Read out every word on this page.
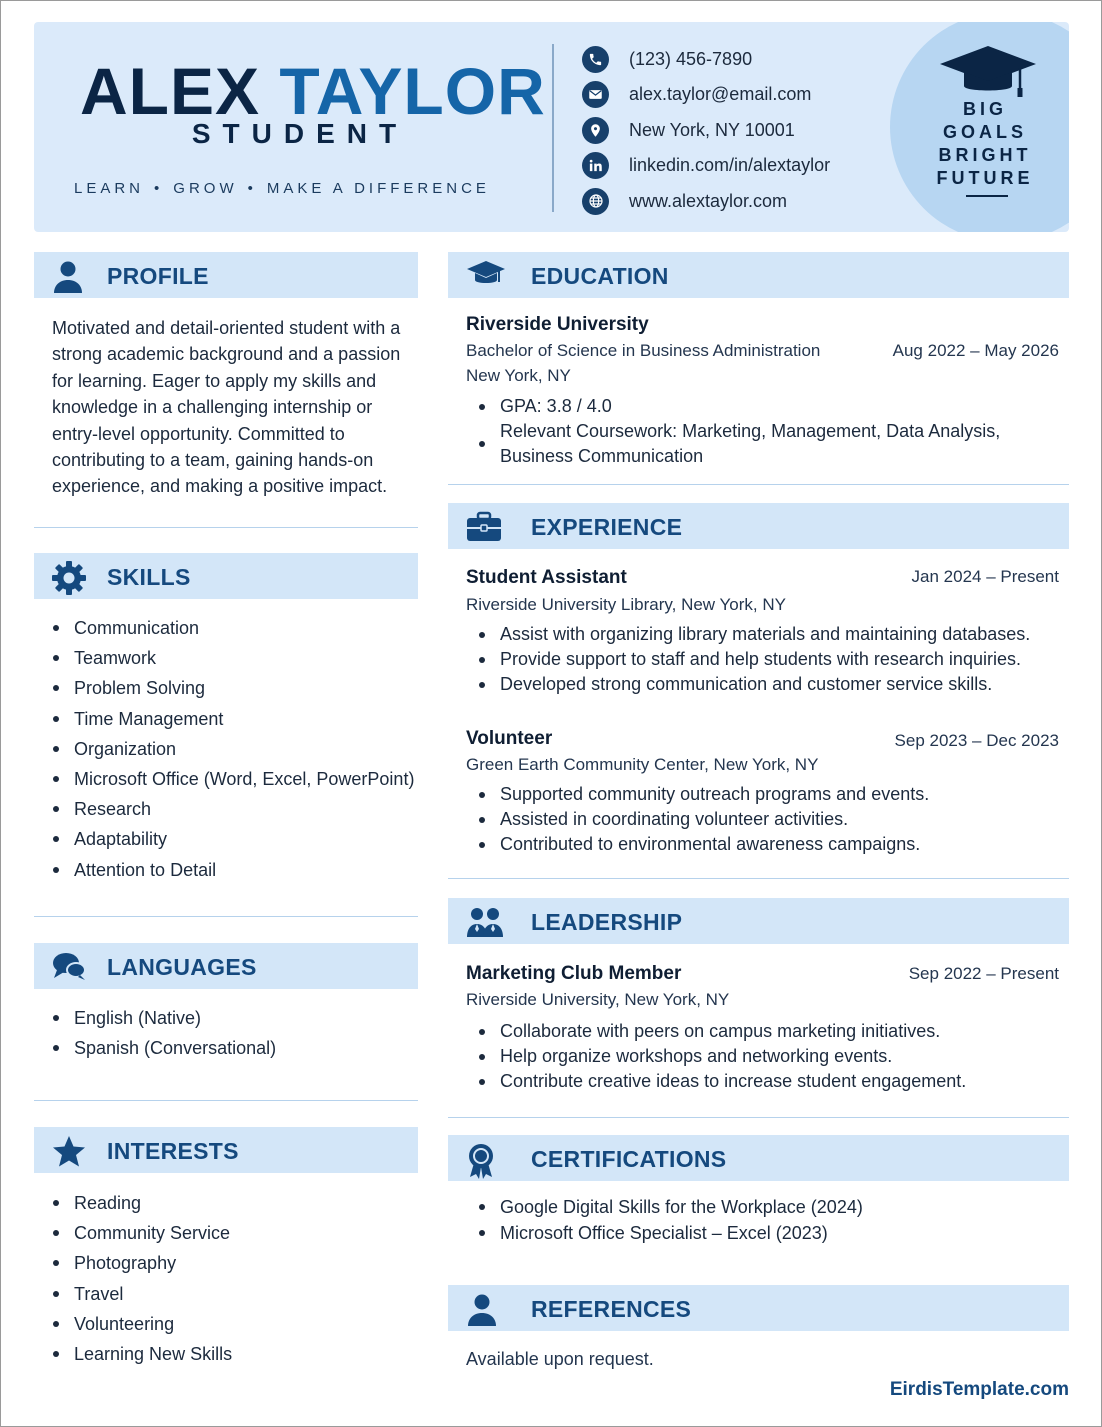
ALEX TAYLOR
STUDENT
LEARN • GROW • MAKE A DIFFERENCE
(123) 456-7890
alex.taylor@email.com
New York, NY 10001
linkedin.com/in/alextaylor
www.alextaylor.com
BIG
GOALS
BRIGHT
FUTURE
PROFILE
Motivated and detail-oriented student with a strong academic background and a passion for learning. Eager to apply my skills and knowledge in a challenging internship or entry-level opportunity. Committed to contributing to a team, gaining hands-on experience, and making a positive impact.
SKILLS
Communication
Teamwork
Problem Solving
Time Management
Organization
Microsoft Office (Word, Excel, PowerPoint)
Research
Adaptability
Attention to Detail
LANGUAGES
English (Native)
Spanish (Conversational)
INTERESTS
Reading
Community Service
Photography
Travel
Volunteering
Learning New Skills
EDUCATION
Riverside University
Bachelor of Science in Business Administration	Aug 2022 – May 2026
New York, NY
GPA: 3.8 / 4.0
Relevant Coursework: Marketing, Management, Data Analysis, Business Communication
EXPERIENCE
Student Assistant	Jan 2024 – Present
Riverside University Library, New York, NY
Assist with organizing library materials and maintaining databases.
Provide support to staff and help students with research inquiries.
Developed strong communication and customer service skills.
Volunteer	Sep 2023 – Dec 2023
Green Earth Community Center, New York, NY
Supported community outreach programs and events.
Assisted in coordinating volunteer activities.
Contributed to environmental awareness campaigns.
LEADERSHIP
Marketing Club Member	Sep 2022 – Present
Riverside University, New York, NY
Collaborate with peers on campus marketing initiatives.
Help organize workshops and networking events.
Contribute creative ideas to increase student engagement.
CERTIFICATIONS
Google Digital Skills for the Workplace (2024)
Microsoft Office Specialist – Excel (2023)
REFERENCES
Available upon request.
EirdisTemplate.com
